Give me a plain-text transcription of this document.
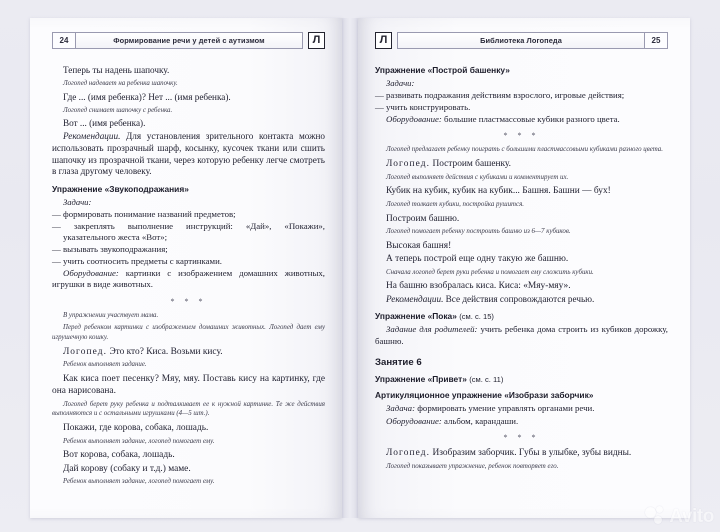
24	Формирование речи у детей с аутизмом	Л

Теперь ты надень шапочку.

Логопед надевает на ребенка шапочку.

Где ... (имя ребенка)? Нет ... (имя ребенка).

Логопед снимает шапочку с ребенка.

Вот ... (имя ребенка).

Рекомендации. Для установления зрительного контакта можно использовать прозрачный шарф, косынку, кусочек ткани или сшить шапочку из прозрачной ткани, через которую ребенку легче смотреть в глаза другому человеку.

Упражнение «Звукоподражания»

Задачи:

— формировать понимание названий предметов;
— закреплять выполнение инструкций: «Дай», «Покажи», указательного жеста «Вот»;
— вызывать звукоподражания;
— учить соотносить предметы с картинками.

Оборудование: картинки с изображением домашних животных, игрушки в виде животных.

* * *

В упражнении участвует мама.

Перед ребенком картинки с изображением домашних животных. Логопед дает ему игрушечную кошку.

Логопед. Это кто? Киса. Возьми кису.

Ребенок выполняет задание.

Как киса поет песенку? Мяу, мяу. Поставь кису на картинку, где она нарисована.

Логопед берет руку ребенка и подталкивает ее к нужной картинке. Те же действия выполняются и с остальными игрушками (4—5 шт.).

Покажи, где корова, собака, лошадь.

Ребенок выполняет задание, логопед помогает ему.

Вот корова, собака, лошадь.

Дай корову (собаку и т.д.) маме.

Ребенок выполняет задание, логопед помогает ему.

Л	Библиотека Логопеда	25
Упражнение «Построй башенку»

Задачи:

— развивать подражания действиям взрослого, игровые действия;
— учить конструировать.

Оборудование: большие пластмассовые кубики разного цвета.

* * *

Логопед предлагает ребенку поиграть с большими пластмассовыми кубиками разного цвета.

Логопед. Построим башенку.

Логопед выполняет действия с кубиками и комментирует их.

Кубик на кубик, кубик на кубик... Башня. Башни — бух!

Логопед толкает кубики, постройка рушится.

Построим башню.

Логопед помогает ребенку построить башню из 6—7 кубиков.

Высокая башня!

А теперь построй еще одну такую же башню.

Сначала логопед берет руки ребенка и помогает ему сложить кубики.

На башню взобралась киса. Киса: «Мяу-мяу».

Рекомендации. Все действия сопровождаются речью.

Упражнение «Пока» (см. с. 15)

Задание для родителей: учить ребенка дома строить из кубиков дорожку, башню.

Занятие 6
Упражнение «Привет» (см. с. 11)
Артикуляционное упражнение «Изобрази заборчик»

Задача: формировать умение управлять органами речи.

Оборудование: альбом, карандаши.

* * *

Логопед. Изобразим заборчик. Губы в улыбке, зубы видны.

Логопед показывает упражнение, ребенок повторяет его.

Avito
